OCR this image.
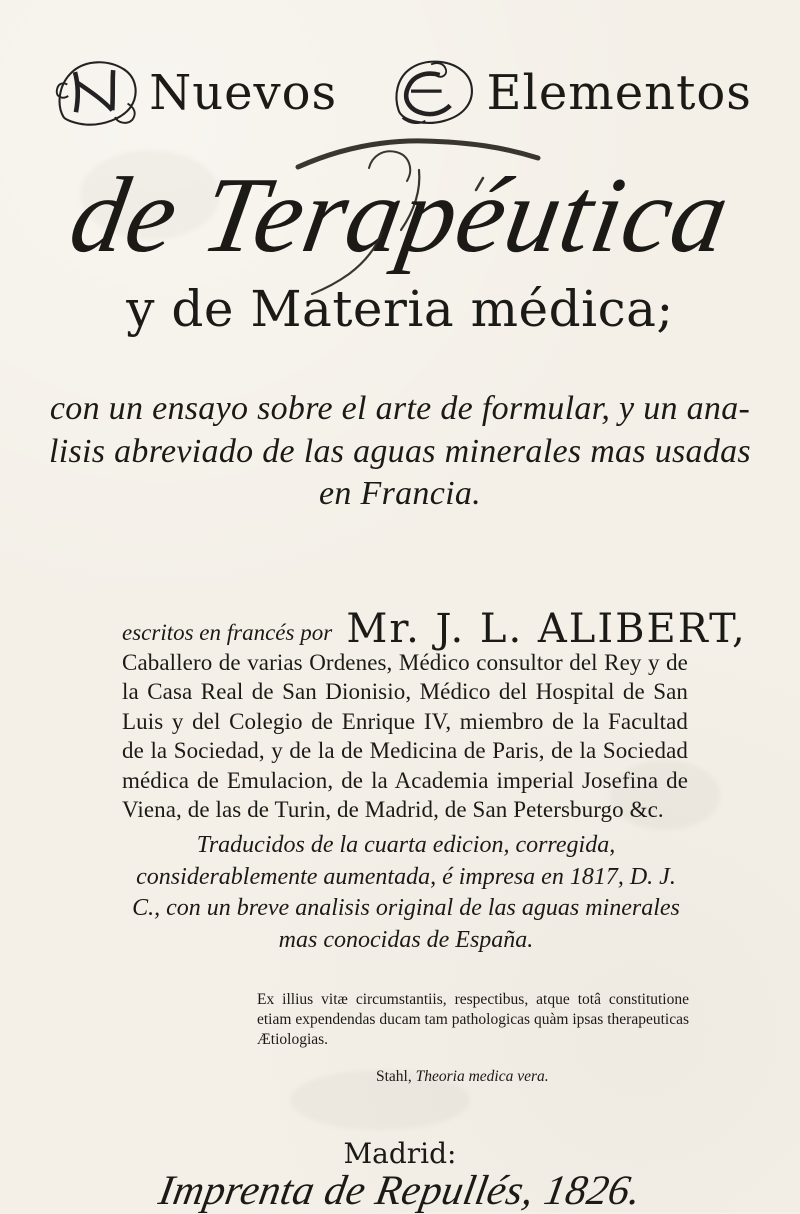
Nuevos	Elementos
de Terapéutica
y de Materia médica;
con un ensayo sobre el arte de formular, y un ana-
lisis abreviado de las aguas minerales mas usadas
en Francia.
escritos en francés por Mr. J. L. ALIBERT,
Caballero de varias Ordenes, Médico consultor del Rey y de la Casa Real de San Dionisio, Médico del Hospital de San Luis y del Colegio de Enrique IV, miembro de la Facultad de la Sociedad, y de la de Medicina de Paris, de la Sociedad médica de Emulacion, de la Academia imperial Josefina de Viena, de las de Turin, de Madrid, de San Petersburgo &c.
Traducidos de la cuarta edicion, corregida, considerablemente aumentada, é impresa en 1817, D. J. C., con un breve analisis original de las aguas minerales mas conocidas de España.
Ex illius vitæ circumstantiis, respectibus, atque totâ constitutione etiam expendendas ducam tam pathologicas quàm ipsas therapeuticas Ætiologias.
Stahl, Theoria medica vera.
Madrid:
Imprenta de Repullés, 1826.
